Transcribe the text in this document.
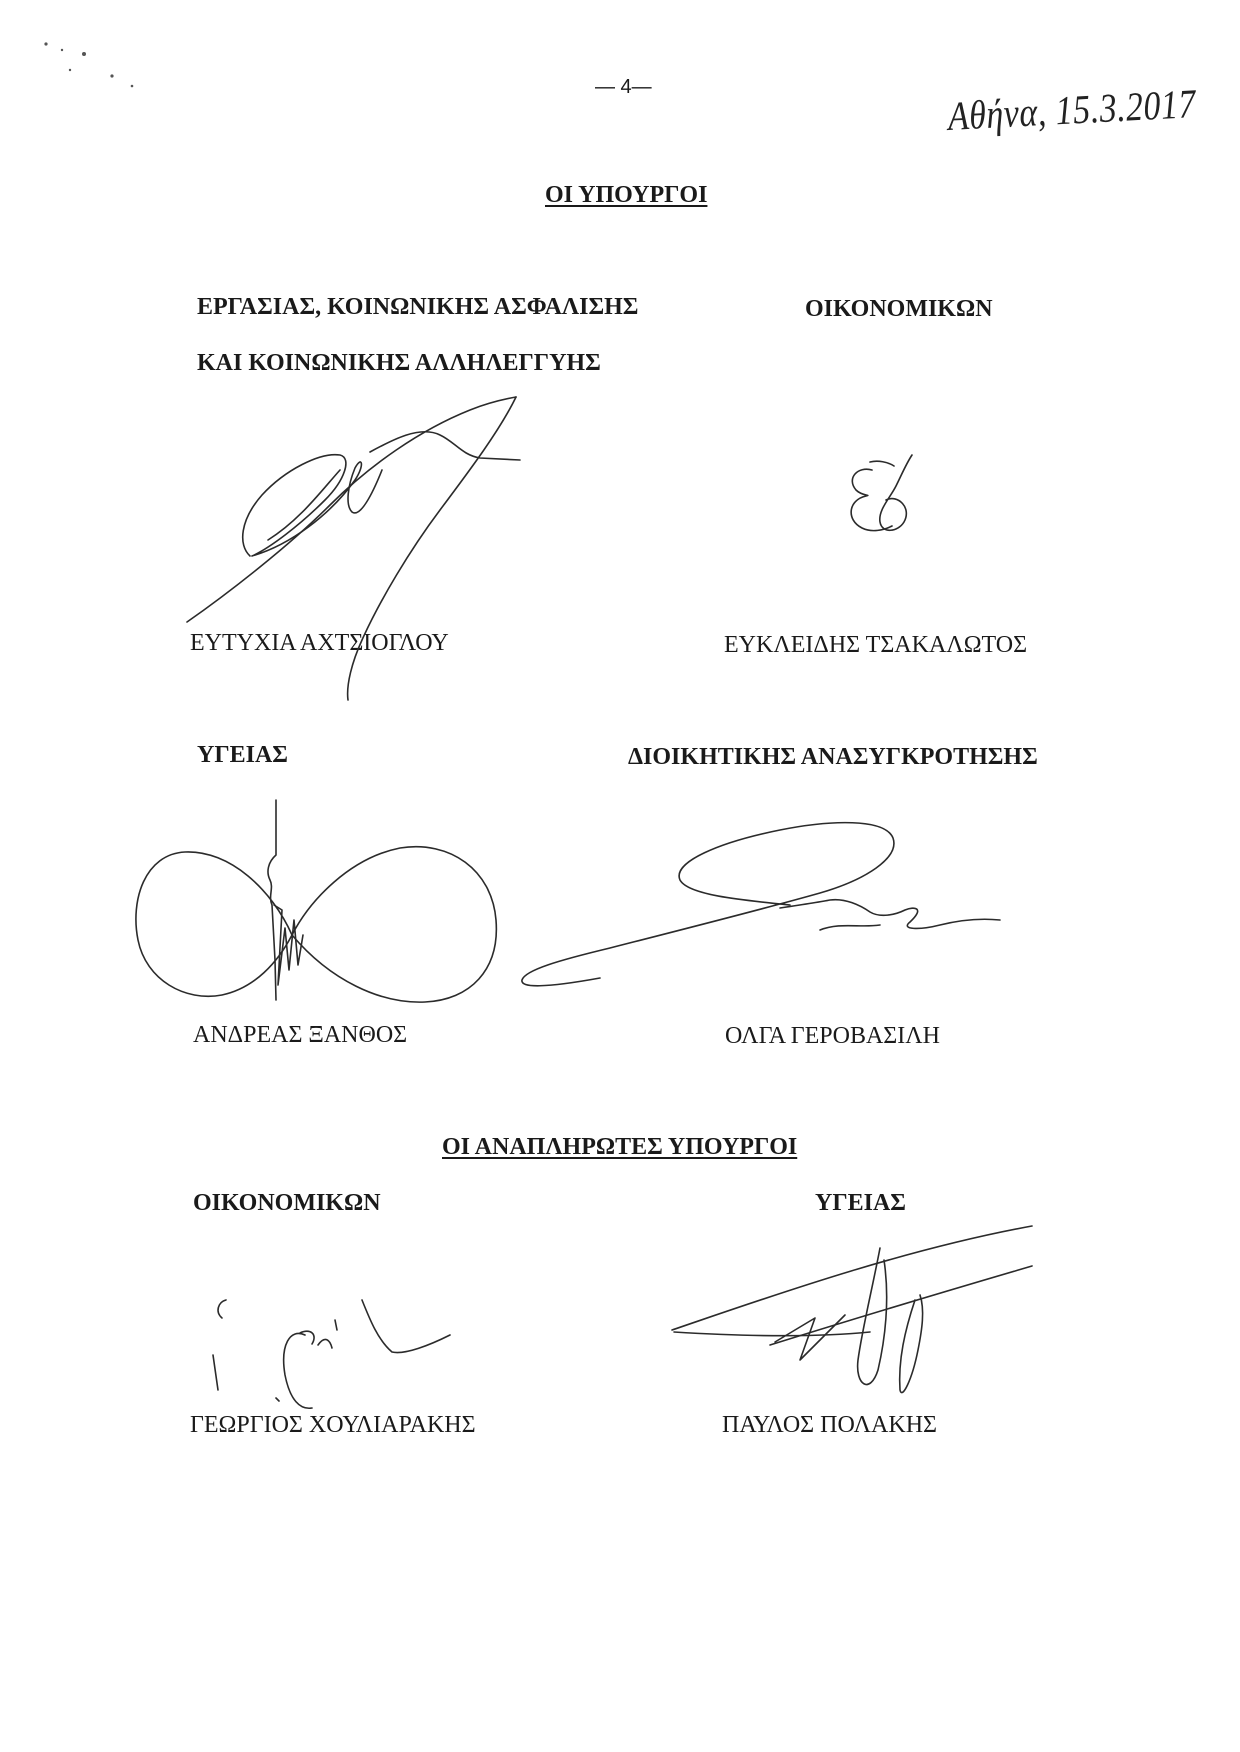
— 4—	Αθήνα, 15.3.2017
ΟΙ ΥΠΟΥΡΓΟΙ
ΕΡΓΑΣΙΑΣ, ΚΟΙΝΩΝΙΚΗΣ ΑΣΦΑΛΙΣΗΣ
ΚΑΙ ΚΟΙΝΩΝΙΚΗΣ ΑΛΛΗΛΕΓΓΥΗΣ
ΟΙΚΟΝΟΜΙΚΩΝ
ΕΥΤΥΧΙΑ ΑΧΤΣΙΟΓΛΟΥ	ΕΥΚΛΕΙΔΗΣ ΤΣΑΚΑΛΩΤΟΣ
ΥΓΕΙΑΣ	ΔΙΟΙΚΗΤΙΚΗΣ ΑΝΑΣΥΓΚΡΟΤΗΣΗΣ
ΑΝΔΡΕΑΣ ΞΑΝΘΟΣ	ΟΛΓΑ ΓΕΡΟΒΑΣΙΛΗ
ΟΙ ΑΝΑΠΛΗΡΩΤΕΣ ΥΠΟΥΡΓΟΙ
ΟΙΚΟΝΟΜΙΚΩΝ	ΥΓΕΙΑΣ
ΓΕΩΡΓΙΟΣ ΧΟΥΛΙΑΡΑΚΗΣ	ΠΑΥΛΟΣ ΠΟΛΑΚΗΣ
